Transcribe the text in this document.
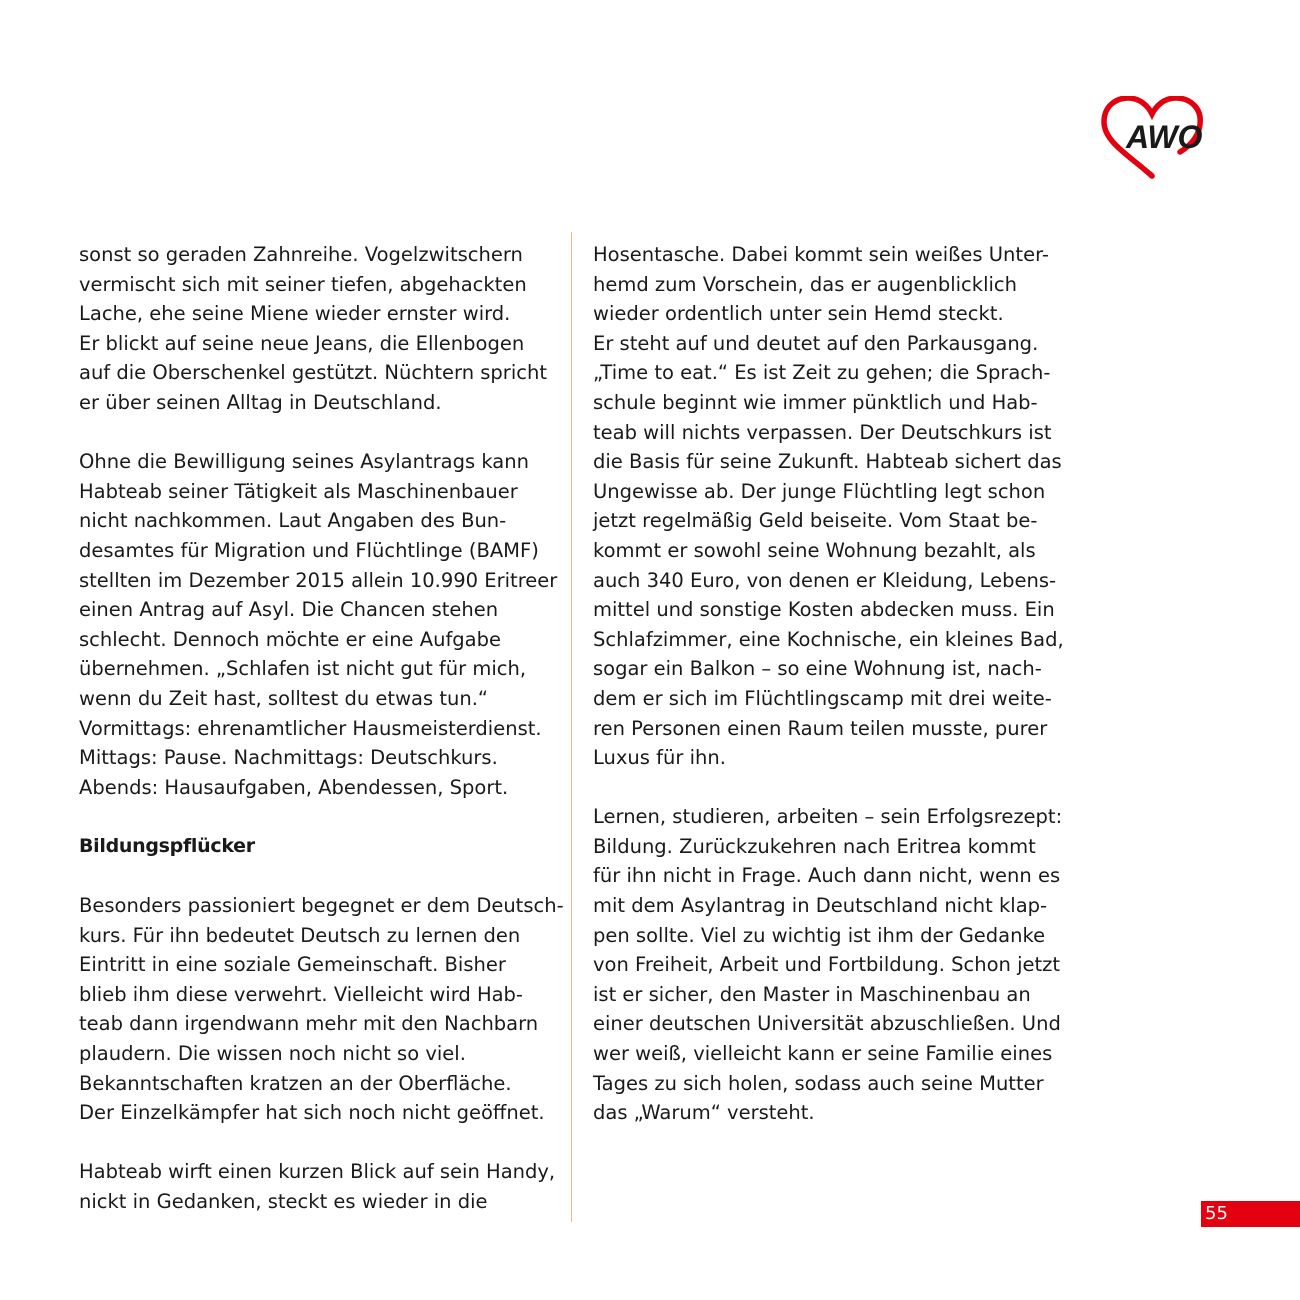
AWO
sonst so geraden Zahnreihe. Vogelzwitschern
vermischt sich mit seiner tiefen, abgehackten
Lache, ehe seine Miene wieder ernster wird.
Er blickt auf seine neue Jeans, die Ellenbogen
auf die Oberschenkel gestützt. Nüchtern spricht
er über seinen Alltag in Deutschland.
Ohne die Bewilligung seines Asylantrags kann
Habteab seiner Tätigkeit als Maschinenbauer
nicht nachkommen. Laut Angaben des Bun-
desamtes für Migration und Flüchtlinge (BAMF)
stellten im Dezember 2015 allein 10.990 Eritreer
einen Antrag auf Asyl. Die Chancen stehen
schlecht. Dennoch möchte er eine Aufgabe
übernehmen. „Schlafen ist nicht gut für mich,
wenn du Zeit hast, solltest du etwas tun.“
Vormittags: ehrenamtlicher Hausmeisterdienst.
Mittags: Pause. Nachmittags: Deutschkurs.
Abends: Hausaufgaben, Abendessen, Sport.
Bildungspflücker
Besonders passioniert begegnet er dem Deutsch-
kurs. Für ihn bedeutet Deutsch zu lernen den
Eintritt in eine soziale Gemeinschaft. Bisher
blieb ihm diese verwehrt. Vielleicht wird Hab-
teab dann irgendwann mehr mit den Nachbarn
plaudern. Die wissen noch nicht so viel.
Bekanntschaften kratzen an der Oberfläche.
Der Einzelkämpfer hat sich noch nicht geöffnet.
Habteab wirft einen kurzen Blick auf sein Handy,
nickt in Gedanken, steckt es wieder in die
Hosentasche. Dabei kommt sein weißes Unter-
hemd zum Vorschein, das er augenblicklich
wieder ordentlich unter sein Hemd steckt.
Er steht auf und deutet auf den Parkausgang.
„Time to eat.“ Es ist Zeit zu gehen; die Sprach-
schule beginnt wie immer pünktlich und Hab-
teab will nichts verpassen. Der Deutschkurs ist
die Basis für seine Zukunft. Habteab sichert das
Ungewisse ab. Der junge Flüchtling legt schon
jetzt regelmäßig Geld beiseite. Vom Staat be-
kommt er sowohl seine Wohnung bezahlt, als
auch 340 Euro, von denen er Kleidung, Lebens-
mittel und sonstige Kosten abdecken muss. Ein
Schlafzimmer, eine Kochnische, ein kleines Bad,
sogar ein Balkon – so eine Wohnung ist, nach-
dem er sich im Flüchtlingscamp mit drei weite-
ren Personen einen Raum teilen musste, purer
Luxus für ihn.
Lernen, studieren, arbeiten – sein Erfolgsrezept:
Bildung. Zurückzukehren nach Eritrea kommt
für ihn nicht in Frage. Auch dann nicht, wenn es
mit dem Asylantrag in Deutschland nicht klap-
pen sollte. Viel zu wichtig ist ihm der Gedanke
von Freiheit, Arbeit und Fortbildung. Schon jetzt
ist er sicher, den Master in Maschinenbau an
einer deutschen Universität abzuschließen. Und
wer weiß, vielleicht kann er seine Familie eines
Tages zu sich holen, sodass auch seine Mutter
das „Warum“ versteht.
55
